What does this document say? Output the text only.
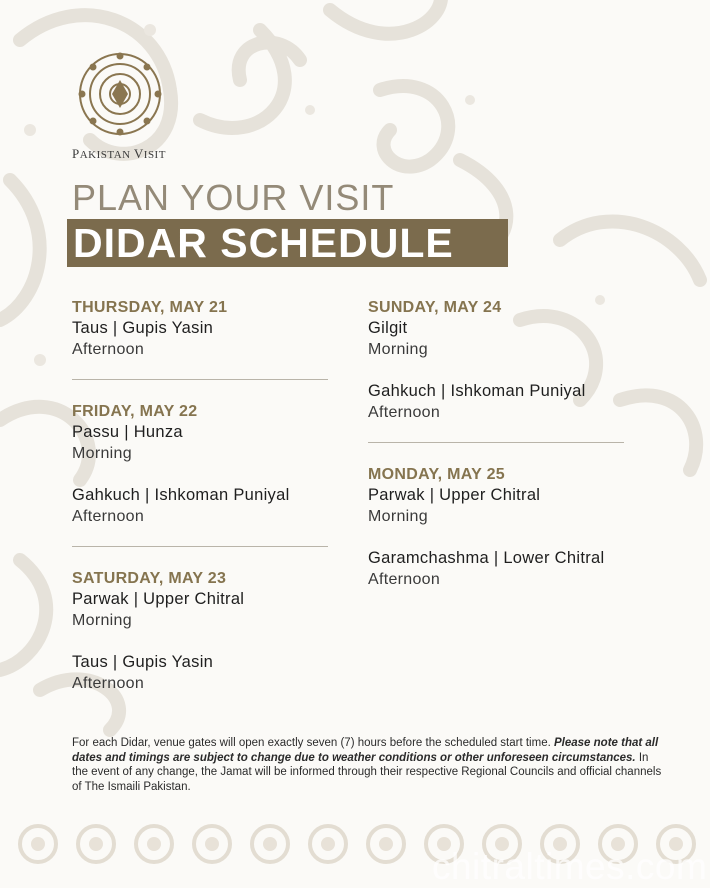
PAKISTAN VISIT
PLAN YOUR VISIT
DIDAR SCHEDULE
THURSDAY, MAY 21
Taus | Gupis Yasin
Afternoon
FRIDAY, MAY 22
Passu | Hunza
Morning
Gahkuch | Ishkoman Puniyal
Afternoon
SATURDAY, MAY 23
Parwak | Upper Chitral
Morning
Taus | Gupis Yasin
Afternoon
SUNDAY, MAY 24
Gilgit
Morning
Gahkuch | Ishkoman Puniyal
Afternoon
MONDAY, MAY 25
Parwak | Upper Chitral
Morning
Garamchashma | Lower Chitral
Afternoon
For each Didar, venue gates will open exactly seven (7) hours before the scheduled start time. Please note that all dates and timings are subject to change due to weather conditions or other unforeseen circumstances. In the event of any change, the Jamat will be informed through their respective Regional Councils and official channels of The Ismaili Pakistan.
chitraltimes.com
